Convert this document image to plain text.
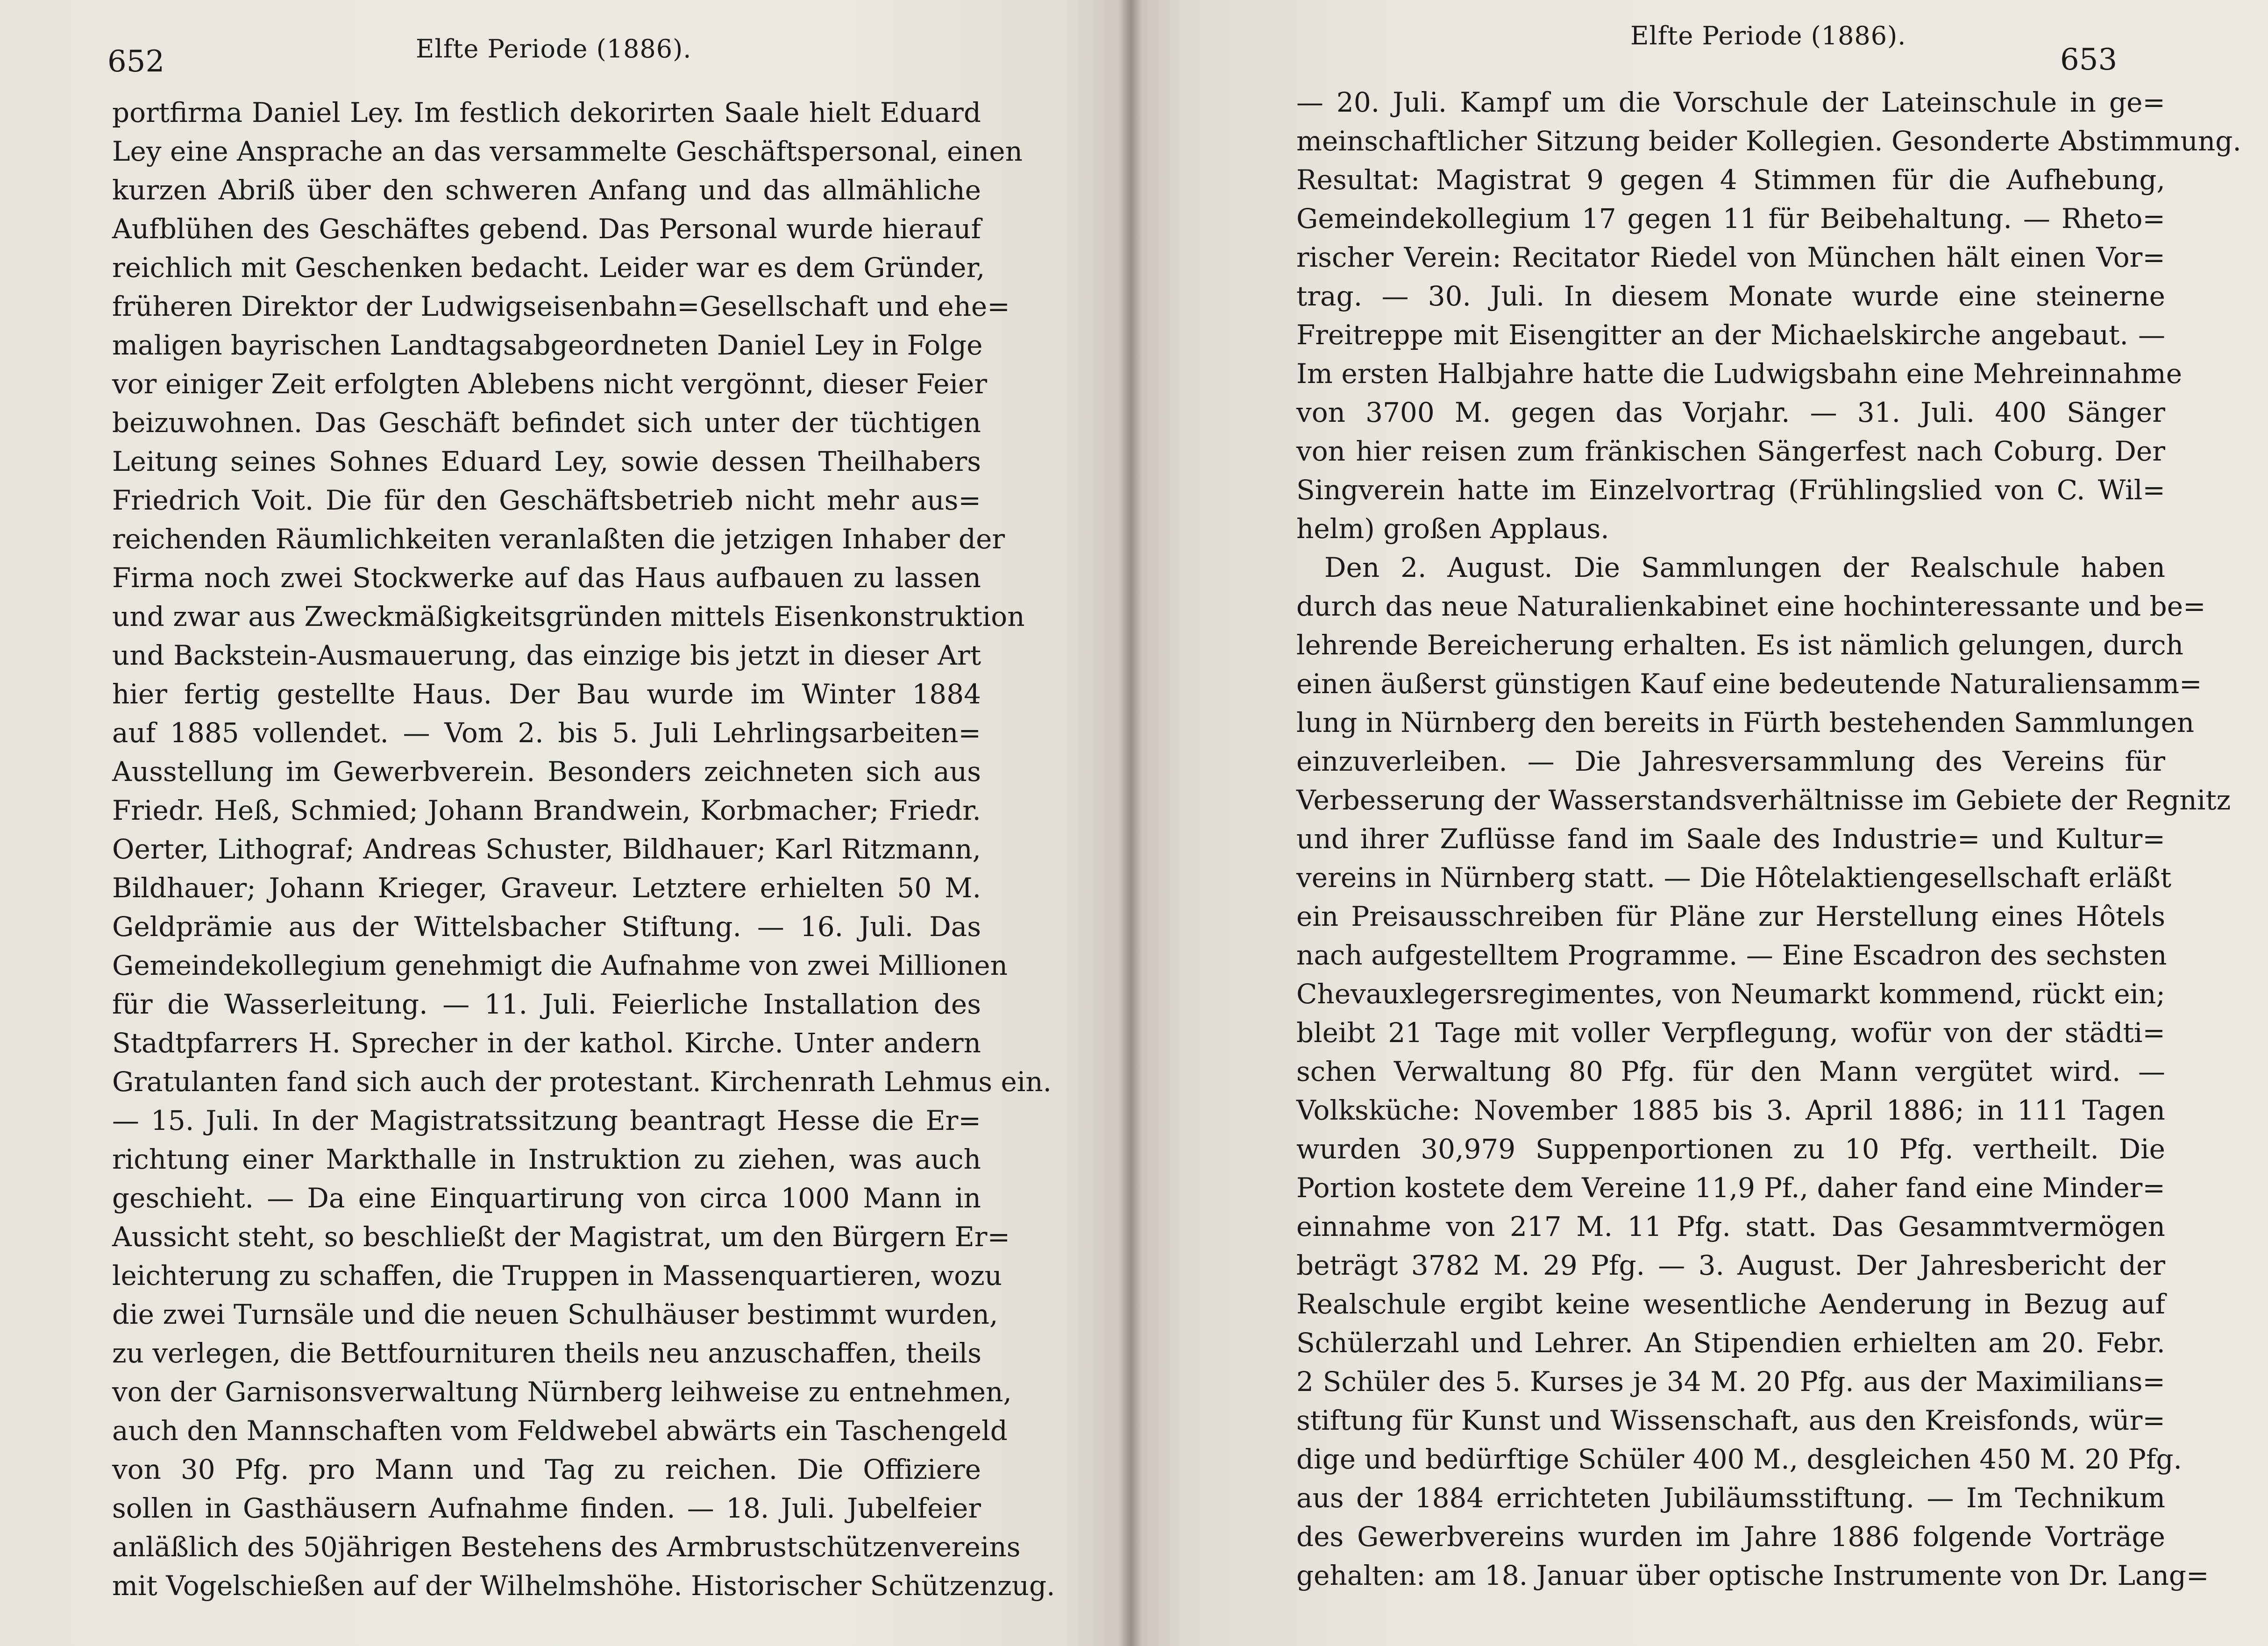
652	Elfte Periode (1886).
portfirma Daniel Ley. Im festlich dekorirten Saale hielt Eduard
Ley eine Ansprache an das versammelte Geschäftspersonal, einen
kurzen Abriß über den schweren Anfang und das allmähliche
Aufblühen des Geschäftes gebend. Das Personal wurde hierauf
reichlich mit Geschenken bedacht. Leider war es dem Gründer,
früheren Direktor der Ludwigseisenbahn=Gesellschaft und ehe=
maligen bayrischen Landtagsabgeordneten Daniel Ley in Folge
vor einiger Zeit erfolgten Ablebens nicht vergönnt, dieser Feier
beizuwohnen. Das Geschäft befindet sich unter der tüchtigen
Leitung seines Sohnes Eduard Ley, sowie dessen Theilhabers
Friedrich Voit. Die für den Geschäftsbetrieb nicht mehr aus=
reichenden Räumlichkeiten veranlaßten die jetzigen Inhaber der
Firma noch zwei Stockwerke auf das Haus aufbauen zu lassen
und zwar aus Zweckmäßigkeitsgründen mittels Eisenkonstruktion
und Backstein-Ausmauerung, das einzige bis jetzt in dieser Art
hier fertig gestellte Haus. Der Bau wurde im Winter 1884
auf 1885 vollendet. — Vom 2. bis 5. Juli Lehrlingsarbeiten=
Ausstellung im Gewerbverein. Besonders zeichneten sich aus
Friedr. Heß, Schmied; Johann Brandwein, Korbmacher; Friedr.
Oerter, Lithograf; Andreas Schuster, Bildhauer; Karl Ritzmann,
Bildhauer; Johann Krieger, Graveur. Letztere erhielten 50 M.
Geldprämie aus der Wittelsbacher Stiftung. — 16. Juli. Das
Gemeindekollegium genehmigt die Aufnahme von zwei Millionen
für die Wasserleitung. — 11. Juli. Feierliche Installation des
Stadtpfarrers H. Sprecher in der kathol. Kirche. Unter andern
Gratulanten fand sich auch der protestant. Kirchenrath Lehmus ein.
— 15. Juli. In der Magistratssitzung beantragt Hesse die Er=
richtung einer Markthalle in Instruktion zu ziehen, was auch
geschieht. — Da eine Einquartirung von circa 1000 Mann in
Aussicht steht, so beschließt der Magistrat, um den Bürgern Er=
leichterung zu schaffen, die Truppen in Massenquartieren, wozu
die zwei Turnsäle und die neuen Schulhäuser bestimmt wurden,
zu verlegen, die Bettfournituren theils neu anzuschaffen, theils
von der Garnisonsverwaltung Nürnberg leihweise zu entnehmen,
auch den Mannschaften vom Feldwebel abwärts ein Taschengeld
von 30 Pfg. pro Mann und Tag zu reichen. Die Offiziere
sollen in Gasthäusern Aufnahme finden. — 18. Juli. Jubelfeier
anläßlich des 50jährigen Bestehens des Armbrustschützenvereins
mit Vogelschießen auf der Wilhelmshöhe. Historischer Schützenzug.
Elfte Periode (1886).
653
— 20. Juli. Kampf um die Vorschule der Lateinschule in ge=
meinschaftlicher Sitzung beider Kollegien. Gesonderte Abstimmung.
Resultat: Magistrat 9 gegen 4 Stimmen für die Aufhebung,
Gemeindekollegium 17 gegen 11 für Beibehaltung. — Rheto=
rischer Verein: Recitator Riedel von München hält einen Vor=
trag. — 30. Juli. In diesem Monate wurde eine steinerne
Freitreppe mit Eisengitter an der Michaelskirche angebaut. —
Im ersten Halbjahre hatte die Ludwigsbahn eine Mehreinnahme
von 3700 M. gegen das Vorjahr. — 31. Juli. 400 Sänger
von hier reisen zum fränkischen Sängerfest nach Coburg. Der
Singverein hatte im Einzelvortrag (Frühlingslied von C. Wil=
helm) großen Applaus.
Den 2. August. Die Sammlungen der Realschule haben
durch das neue Naturalienkabinet eine hochinteressante und be=
lehrende Bereicherung erhalten. Es ist nämlich gelungen, durch
einen äußerst günstigen Kauf eine bedeutende Naturaliensamm=
lung in Nürnberg den bereits in Fürth bestehenden Sammlungen
einzuverleiben. — Die Jahresversammlung des Vereins für
Verbesserung der Wasserstandsverhältnisse im Gebiete der Regnitz
und ihrer Zuflüsse fand im Saale des Industrie= und Kultur=
vereins in Nürnberg statt. — Die Hôtelaktiengesellschaft erläßt
ein Preisausschreiben für Pläne zur Herstellung eines Hôtels
nach aufgestelltem Programme. — Eine Escadron des sechsten
Chevauxlegersregimentes, von Neumarkt kommend, rückt ein;
bleibt 21 Tage mit voller Verpflegung, wofür von der städti=
schen Verwaltung 80 Pfg. für den Mann vergütet wird. —
Volksküche: November 1885 bis 3. April 1886; in 111 Tagen
wurden 30,979 Suppenportionen zu 10 Pfg. vertheilt. Die
Portion kostete dem Vereine 11,9 Pf., daher fand eine Minder=
einnahme von 217 M. 11 Pfg. statt. Das Gesammtvermögen
beträgt 3782 M. 29 Pfg. — 3. August. Der Jahresbericht der
Realschule ergibt keine wesentliche Aenderung in Bezug auf
Schülerzahl und Lehrer. An Stipendien erhielten am 20. Febr.
2 Schüler des 5. Kurses je 34 M. 20 Pfg. aus der Maximilians=
stiftung für Kunst und Wissenschaft, aus den Kreisfonds, wür=
dige und bedürftige Schüler 400 M., desgleichen 450 M. 20 Pfg.
aus der 1884 errichteten Jubiläumsstiftung. — Im Technikum
des Gewerbvereins wurden im Jahre 1886 folgende Vorträge
gehalten: am 18. Januar über optische Instrumente von Dr. Lang=
